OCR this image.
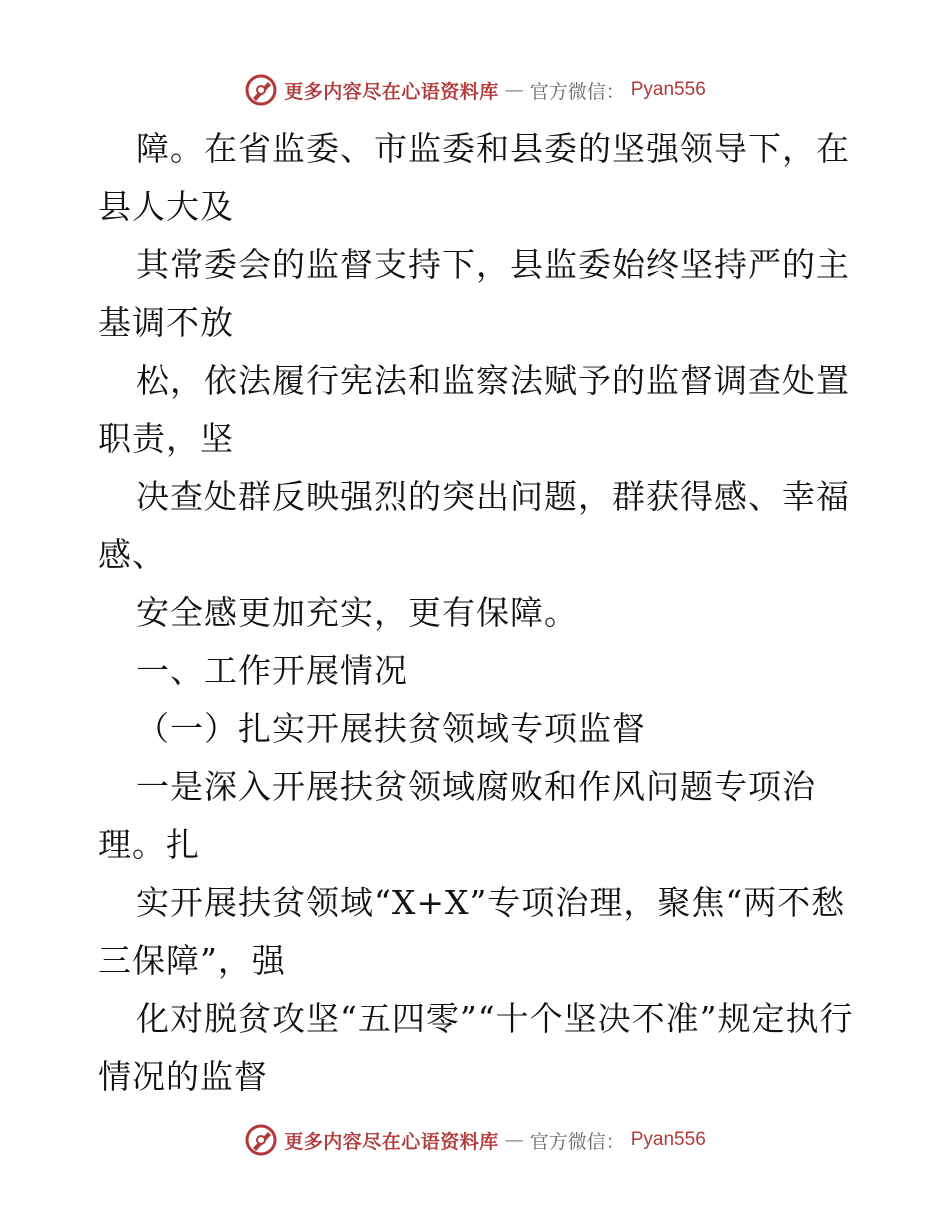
更多内容尽在心语资料库 — 官方微信： Pyan556

障。在省监委、市监委和县委的坚强领导下，在县人大及

其常委会的监督支持下，县监委始终坚持严的主基调不放

松，依法履行宪法和监察法赋予的监督调查处置职责，坚

决查处群反映强烈的突出问题，群获得感、幸福感、

安全感更加充实，更有保障。

一、工作开展情况

（一）扎实开展扶贫领域专项监督

一是深入开展扶贫领域腐败和作风问题专项治理。扎

实开展扶贫领域“X+X”专项治理，聚焦“两不愁三保障”，强

化对脱贫攻坚“五四零”“十个坚决不准”规定执行情况的监督

更多内容尽在心语资料库 — 官方微信： Pyan556
